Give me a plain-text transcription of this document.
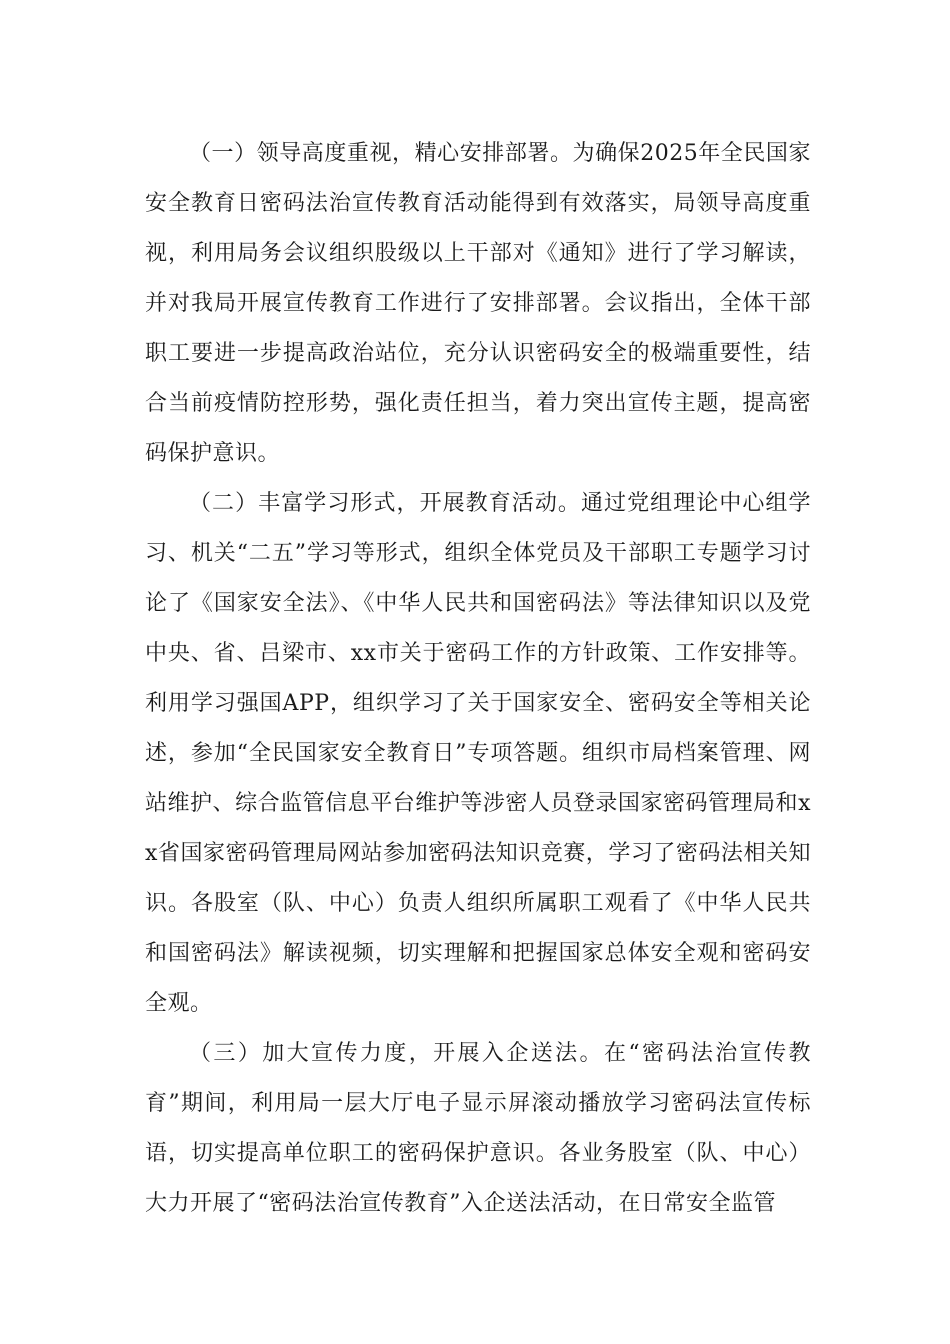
（一）领导高度重视，精心安排部署。为确保2025年全民国家安全教育日密码法治宣传教育活动能得到有效落实，局领导高度重视，利用局务会议组织股级以上干部对《通知》进行了学习解读，并对我局开展宣传教育工作进行了安排部署。会议指出，全体干部职工要进一步提高政治站位，充分认识密码安全的极端重要性，结合当前疫情防控形势，强化责任担当，着力突出宣传主题，提高密码保护意识。

（二）丰富学习形式，开展教育活动。通过党组理论中心组学习、机关“二五”学习等形式，组织全体党员及干部职工专题学习讨论了《国家安全法》、《中华人民共和国密码法》等法律知识以及党中央、省、吕梁市、xx市关于密码工作的方针政策、工作安排等。利用学习强国APP，组织学习了关于国家安全、密码安全等相关论述，参加“全民国家安全教育日”专项答题。组织市局档案管理、网站维护、综合监管信息平台维护等涉密人员登录国家密码管理局和xx省国家密码管理局网站参加密码法知识竞赛，学习了密码法相关知识。各股室（队、中心）负责人组织所属职工观看了《中华人民共和国密码法》解读视频，切实理解和把握国家总体安全观和密码安全观。

（三）加大宣传力度，开展入企送法。在“密码法治宣传教育”期间，利用局一层大厅电子显示屏滚动播放学习密码法宣传标语，切实提高单位职工的密码保护意识。各业务股室（队、中心）大力开展了“密码法治宣传教育”入企送法活动，在日常安全监管
